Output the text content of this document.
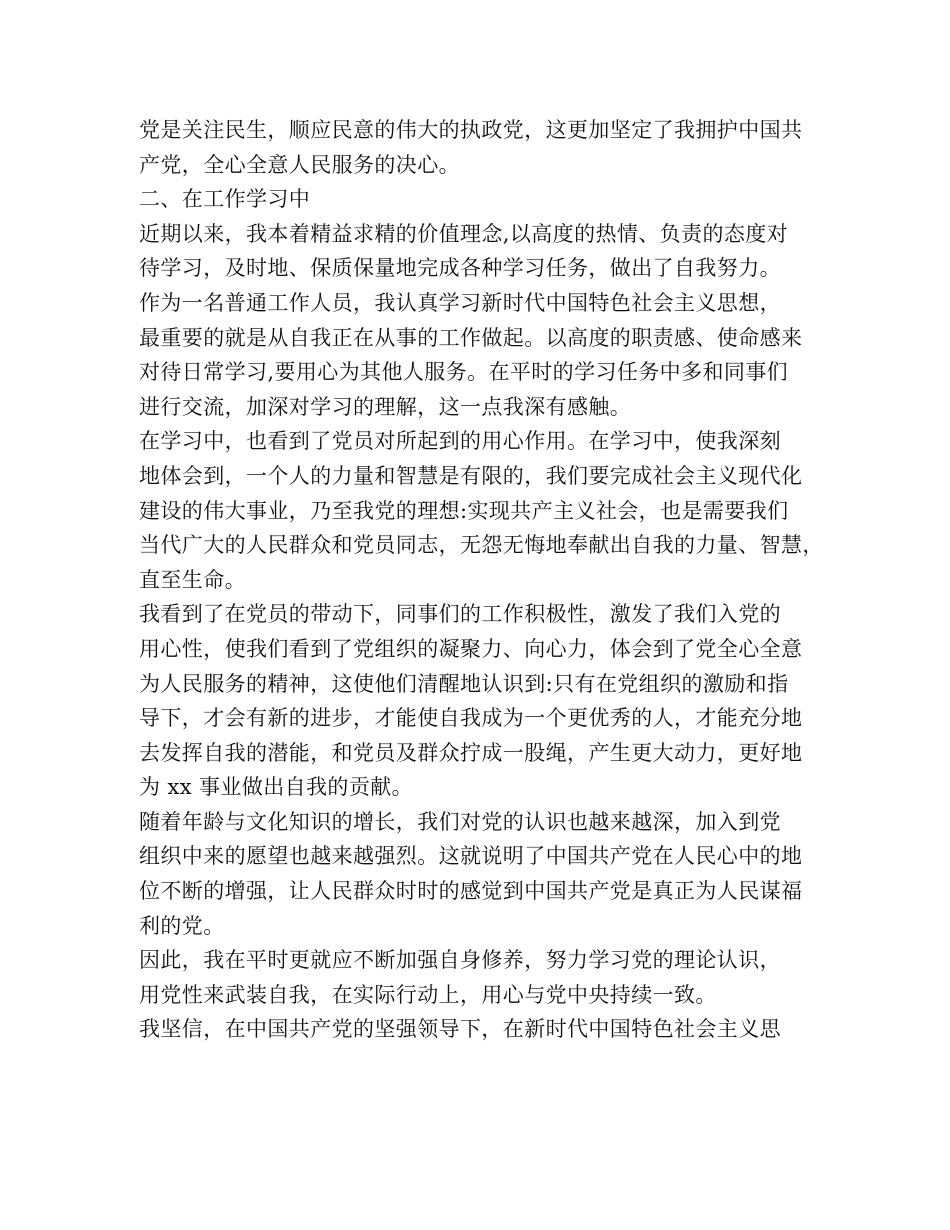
党是关注民生，顺应民意的伟大的执政党，这更加坚定了我拥护中国共
产党，全心全意人民服务的决心。
二、在工作学习中
近期以来，我本着精益求精的价值理念,以高度的热情、负责的态度对
待学习，及时地、保质保量地完成各种学习任务，做出了自我努力。
作为一名普通工作人员，我认真学习新时代中国特色社会主义思想，
最重要的就是从自我正在从事的工作做起。以高度的职责感、使命感来
对待日常学习,要用心为其他人服务。在平时的学习任务中多和同事们
进行交流，加深对学习的理解，这一点我深有感触。
在学习中，也看到了党员对所起到的用心作用。在学习中，使我深刻
地体会到，一个人的力量和智慧是有限的，我们要完成社会主义现代化
建设的伟大事业，乃至我党的理想:实现共产主义社会，也是需要我们
当代广大的人民群众和党员同志，无怨无悔地奉献出自我的力量、智慧，
直至生命。
我看到了在党员的带动下，同事们的工作积极性，激发了我们入党的
用心性，使我们看到了党组织的凝聚力、向心力，体会到了党全心全意
为人民服务的精神，这使他们清醒地认识到:只有在党组织的激励和指
导下，才会有新的进步，才能使自我成为一个更优秀的人，才能充分地
去发挥自我的潜能，和党员及群众拧成一股绳，产生更大动力，更好地
为 xx 事业做出自我的贡献。
随着年龄与文化知识的增长，我们对党的认识也越来越深，加入到党
组织中来的愿望也越来越强烈。这就说明了中国共产党在人民心中的地
位不断的增强，让人民群众时时的感觉到中国共产党是真正为人民谋福
利的党。
因此，我在平时更就应不断加强自身修养，努力学习党的理论认识，
用党性来武装自我，在实际行动上，用心与党中央持续一致。
我坚信，在中国共产党的坚强领导下，在新时代中国特色社会主义思
